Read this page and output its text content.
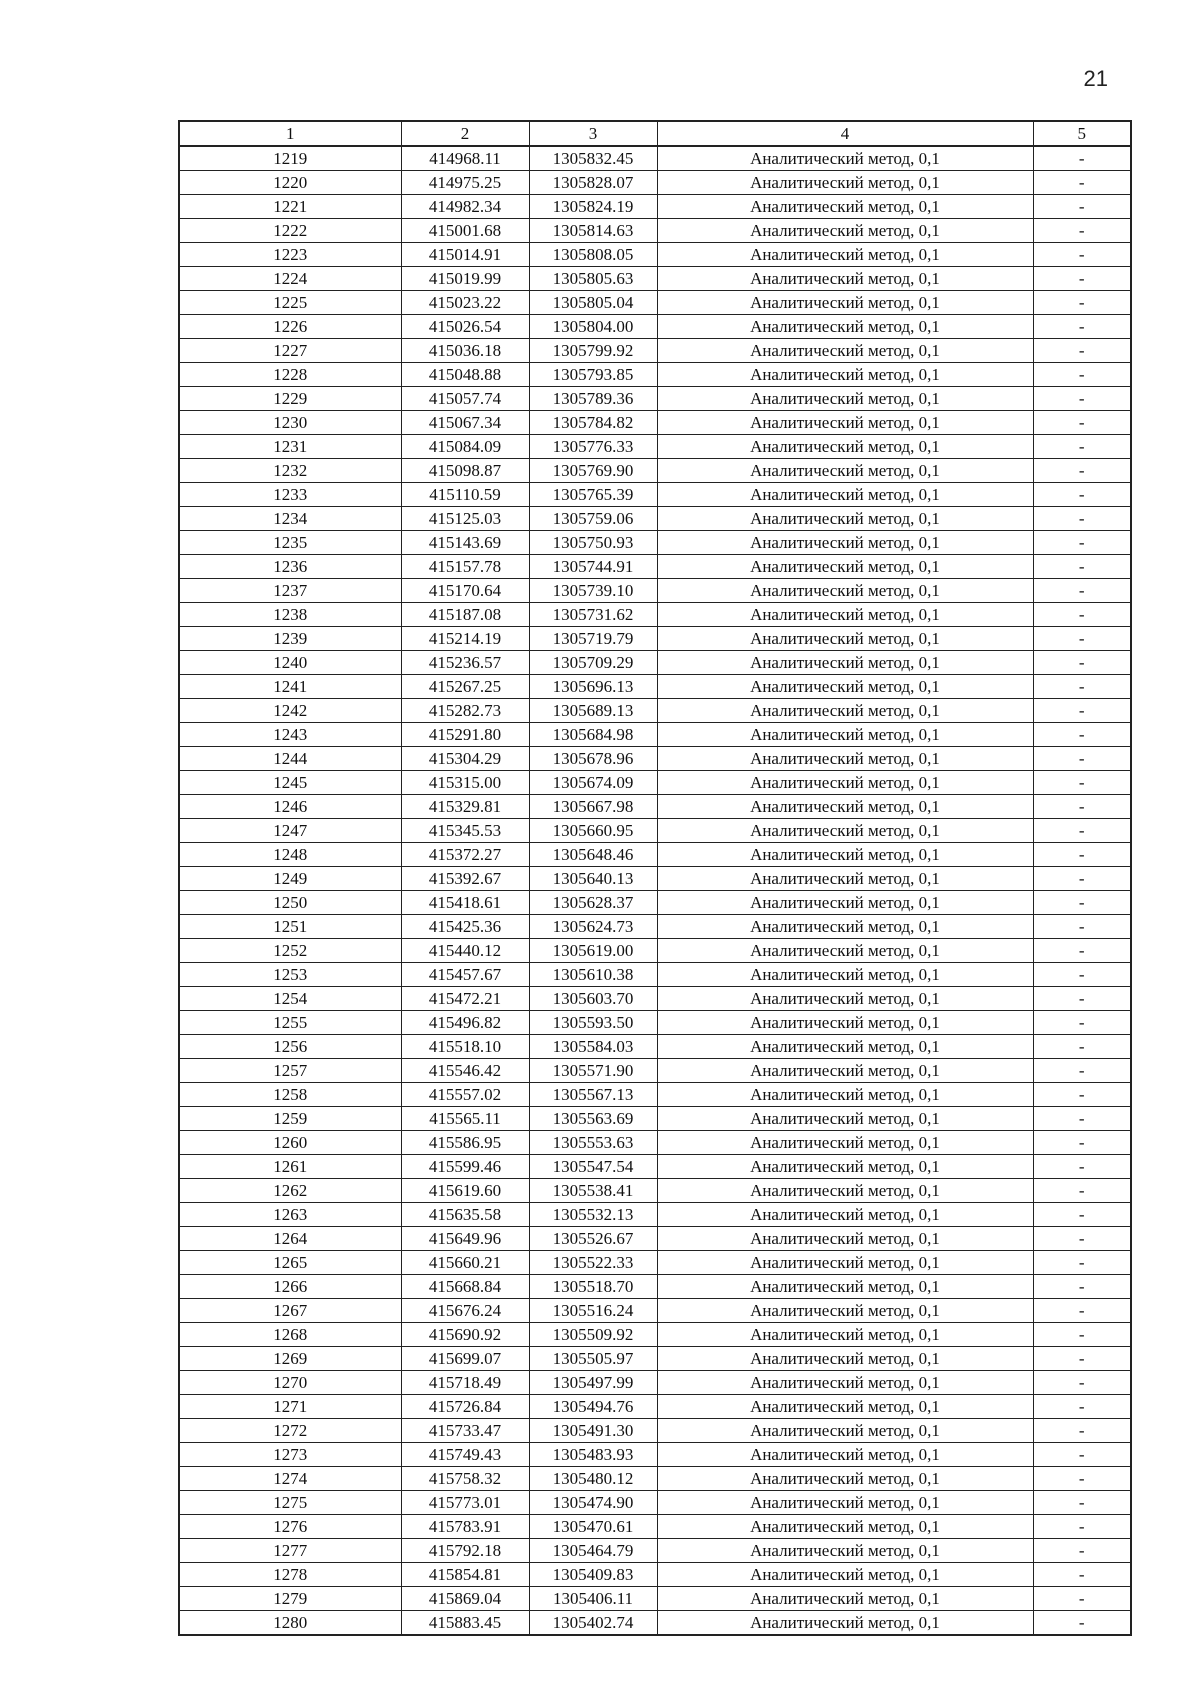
21
1	2	3	4	5
1219	414968.11	1305832.45	Аналитический метод, 0,1	-
1220	414975.25	1305828.07	Аналитический метод, 0,1	-
1221	414982.34	1305824.19	Аналитический метод, 0,1	-
1222	415001.68	1305814.63	Аналитический метод, 0,1	-
1223	415014.91	1305808.05	Аналитический метод, 0,1	-
1224	415019.99	1305805.63	Аналитический метод, 0,1	-
1225	415023.22	1305805.04	Аналитический метод, 0,1	-
1226	415026.54	1305804.00	Аналитический метод, 0,1	-
1227	415036.18	1305799.92	Аналитический метод, 0,1	-
1228	415048.88	1305793.85	Аналитический метод, 0,1	-
1229	415057.74	1305789.36	Аналитический метод, 0,1	-
1230	415067.34	1305784.82	Аналитический метод, 0,1	-
1231	415084.09	1305776.33	Аналитический метод, 0,1	-
1232	415098.87	1305769.90	Аналитический метод, 0,1	-
1233	415110.59	1305765.39	Аналитический метод, 0,1	-
1234	415125.03	1305759.06	Аналитический метод, 0,1	-
1235	415143.69	1305750.93	Аналитический метод, 0,1	-
1236	415157.78	1305744.91	Аналитический метод, 0,1	-
1237	415170.64	1305739.10	Аналитический метод, 0,1	-
1238	415187.08	1305731.62	Аналитический метод, 0,1	-
1239	415214.19	1305719.79	Аналитический метод, 0,1	-
1240	415236.57	1305709.29	Аналитический метод, 0,1	-
1241	415267.25	1305696.13	Аналитический метод, 0,1	-
1242	415282.73	1305689.13	Аналитический метод, 0,1	-
1243	415291.80	1305684.98	Аналитический метод, 0,1	-
1244	415304.29	1305678.96	Аналитический метод, 0,1	-
1245	415315.00	1305674.09	Аналитический метод, 0,1	-
1246	415329.81	1305667.98	Аналитический метод, 0,1	-
1247	415345.53	1305660.95	Аналитический метод, 0,1	-
1248	415372.27	1305648.46	Аналитический метод, 0,1	-
1249	415392.67	1305640.13	Аналитический метод, 0,1	-
1250	415418.61	1305628.37	Аналитический метод, 0,1	-
1251	415425.36	1305624.73	Аналитический метод, 0,1	-
1252	415440.12	1305619.00	Аналитический метод, 0,1	-
1253	415457.67	1305610.38	Аналитический метод, 0,1	-
1254	415472.21	1305603.70	Аналитический метод, 0,1	-
1255	415496.82	1305593.50	Аналитический метод, 0,1	-
1256	415518.10	1305584.03	Аналитический метод, 0,1	-
1257	415546.42	1305571.90	Аналитический метод, 0,1	-
1258	415557.02	1305567.13	Аналитический метод, 0,1	-
1259	415565.11	1305563.69	Аналитический метод, 0,1	-
1260	415586.95	1305553.63	Аналитический метод, 0,1	-
1261	415599.46	1305547.54	Аналитический метод, 0,1	-
1262	415619.60	1305538.41	Аналитический метод, 0,1	-
1263	415635.58	1305532.13	Аналитический метод, 0,1	-
1264	415649.96	1305526.67	Аналитический метод, 0,1	-
1265	415660.21	1305522.33	Аналитический метод, 0,1	-
1266	415668.84	1305518.70	Аналитический метод, 0,1	-
1267	415676.24	1305516.24	Аналитический метод, 0,1	-
1268	415690.92	1305509.92	Аналитический метод, 0,1	-
1269	415699.07	1305505.97	Аналитический метод, 0,1	-
1270	415718.49	1305497.99	Аналитический метод, 0,1	-
1271	415726.84	1305494.76	Аналитический метод, 0,1	-
1272	415733.47	1305491.30	Аналитический метод, 0,1	-
1273	415749.43	1305483.93	Аналитический метод, 0,1	-
1274	415758.32	1305480.12	Аналитический метод, 0,1	-
1275	415773.01	1305474.90	Аналитический метод, 0,1	-
1276	415783.91	1305470.61	Аналитический метод, 0,1	-
1277	415792.18	1305464.79	Аналитический метод, 0,1	-
1278	415854.81	1305409.83	Аналитический метод, 0,1	-
1279	415869.04	1305406.11	Аналитический метод, 0,1	-
1280	415883.45	1305402.74	Аналитический метод, 0,1	-
